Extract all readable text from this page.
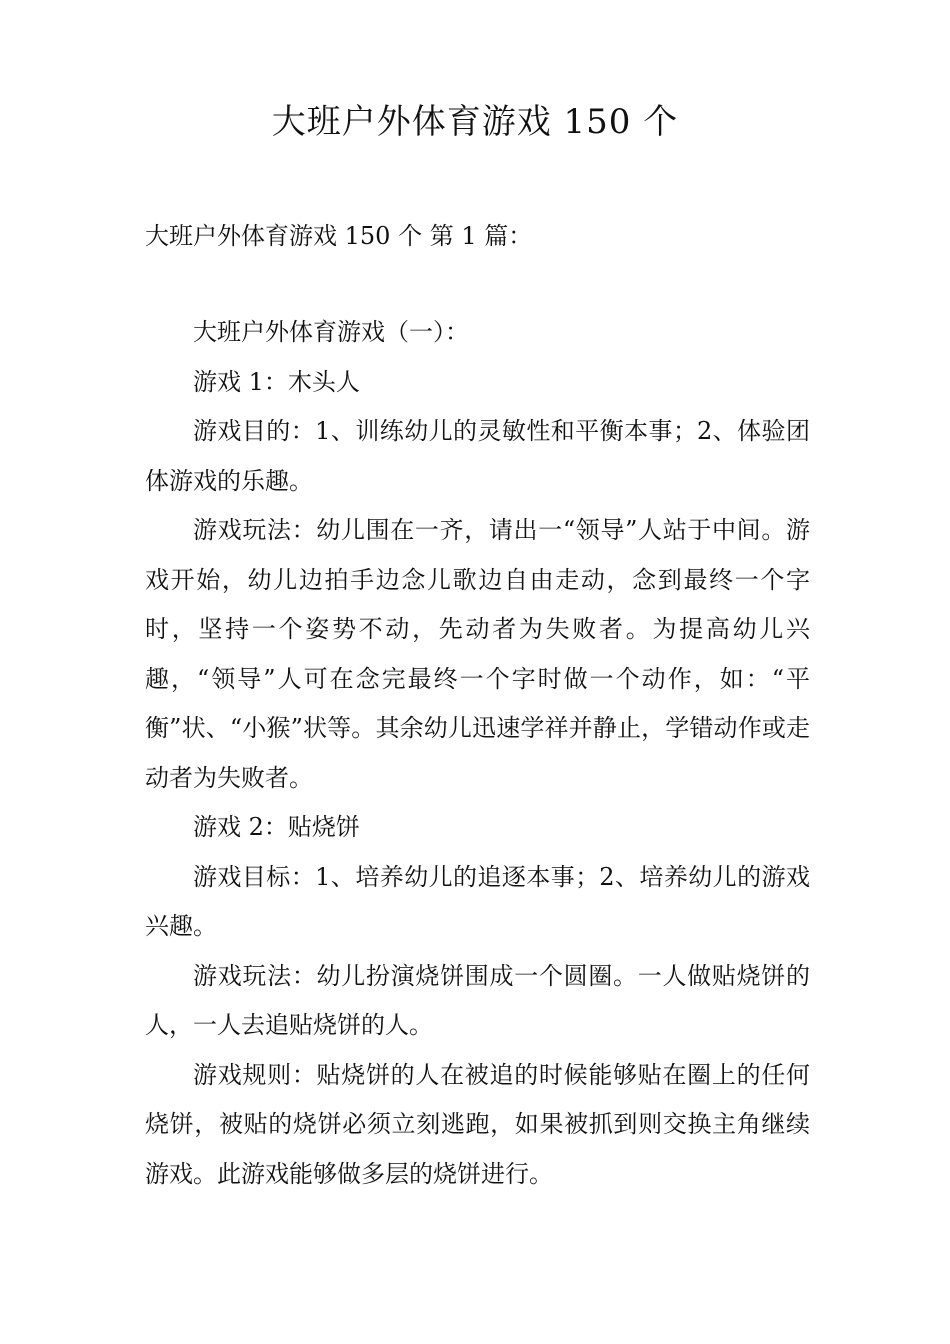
大班户外体育游戏 150 个

大班户外体育游戏 150 个 第 1 篇：

大班户外体育游戏（一）：

游戏 1：木头人

游戏目的：1、训练幼儿的灵敏性和平衡本事；2、体验团体游戏的乐趣。

游戏玩法：幼儿围在一齐，请出一“领导”人站于中间。游戏开始，幼儿边拍手边念儿歌边自由走动，念到最终一个字时，坚持一个姿势不动，先动者为失败者。为提高幼儿兴趣，“领导”人可在念完最终一个字时做一个动作，如：“平衡”状、“小猴”状等。其余幼儿迅速学祥并静止，学错动作或走动者为失败者。

游戏 2：贴烧饼

游戏目标：1、培养幼儿的追逐本事；2、培养幼儿的游戏兴趣。

游戏玩法：幼儿扮演烧饼围成一个圆圈。一人做贴烧饼的人，一人去追贴烧饼的人。

游戏规则：贴烧饼的人在被追的时候能够贴在圈上的任何烧饼，被贴的烧饼必须立刻逃跑，如果被抓到则交换主角继续游戏。此游戏能够做多层的烧饼进行。
